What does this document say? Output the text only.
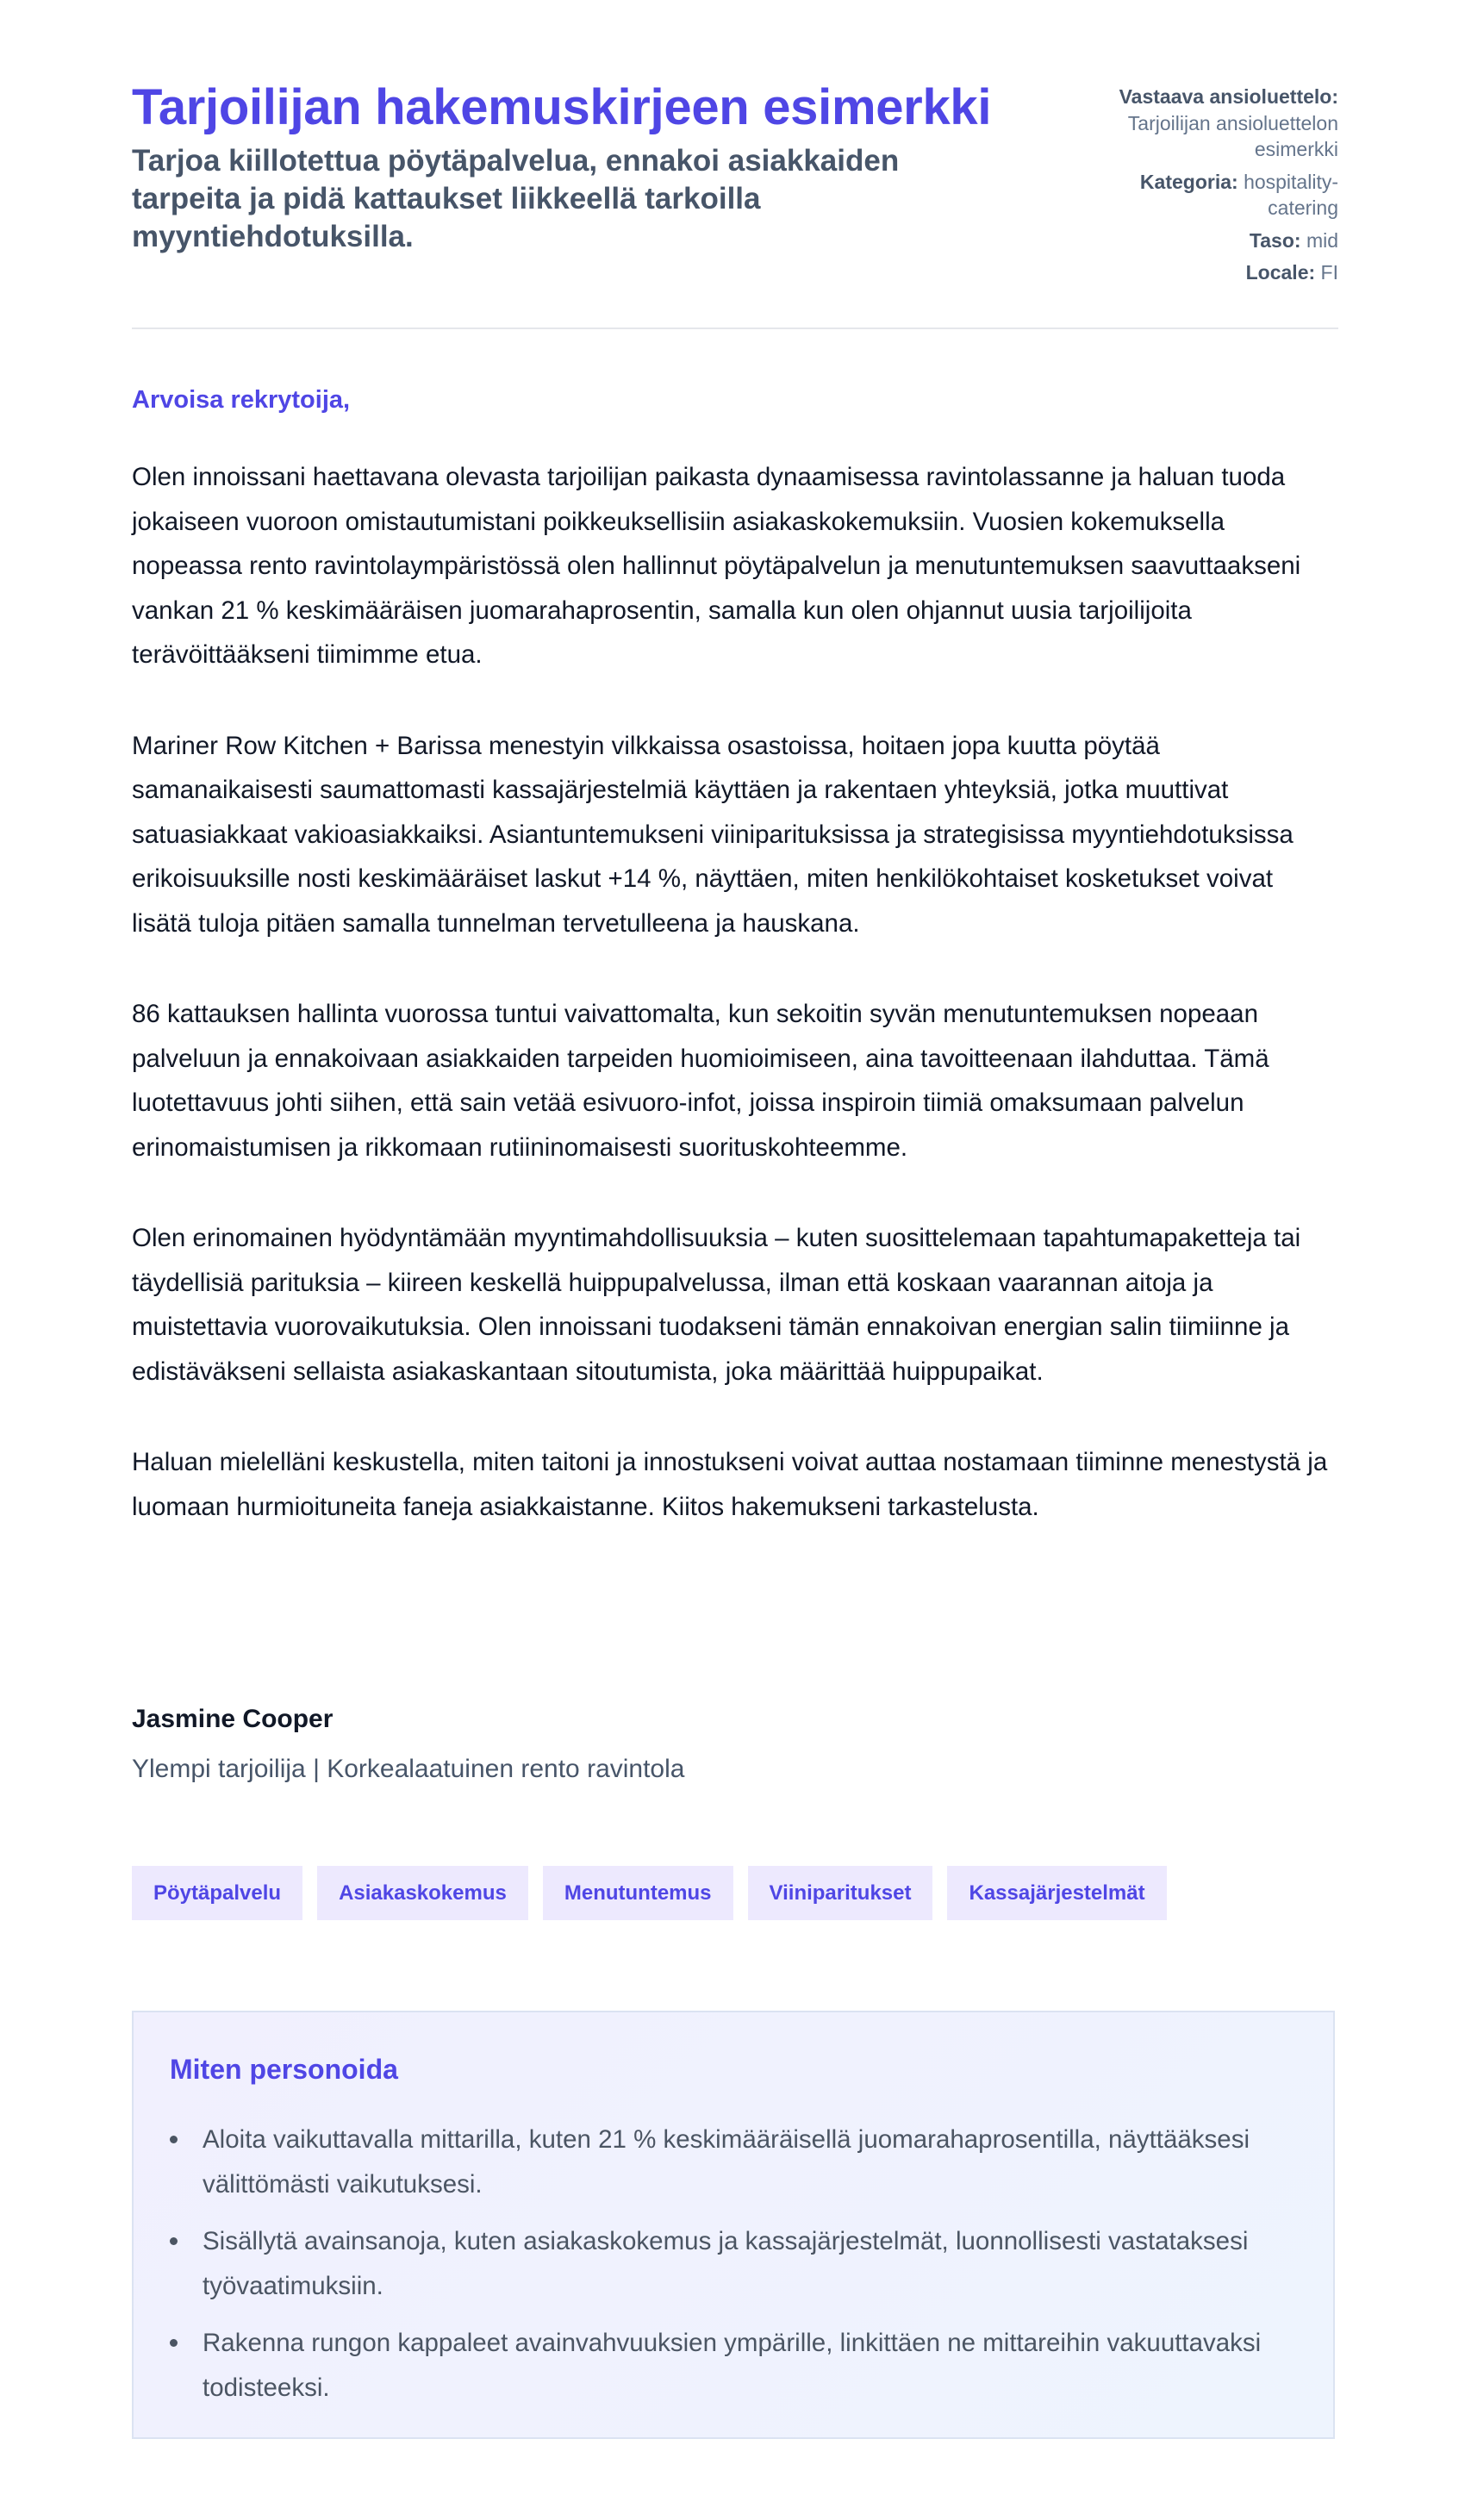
Tarjoilijan hakemuskirjeen esimerkki
Tarjoa kiillotettua pöytäpalvelua, ennakoi asiakkaiden tarpeita ja pidä kattaukset liikkeellä tarkoilla myyntiehdotuksilla.
Vastaava ansioluettelo:
Tarjoilijan ansioluettelon esimerkki
Kategoria: hospitality-catering
Taso: mid
Locale: FI

Arvoisa rekrytoija,

Olen innoissani haettavana olevasta tarjoilijan paikasta dynaamisessa ravintolassanne ja haluan tuoda jokaiseen vuoroon omistautumistani poikkeuksellisiin asiakaskokemuksiin. Vuosien kokemuksella nopeassa rento ravintolaympäristössä olen hallinnut pöytäpalvelun ja menutuntemuksen saavuttaakseni vankan 21 % keskimääräisen juomarahaprosentin, samalla kun olen ohjannut uusia tarjoilijoita terävöittääkseni tiimimme etua.

Mariner Row Kitchen + Barissa menestyin vilkkaissa osastoissa, hoitaen jopa kuutta pöytää samanaikaisesti saumattomasti kassajärjestelmiä käyttäen ja rakentaen yhteyksiä, jotka muuttivat satuasiakkaat vakioasiakkaiksi. Asiantuntemukseni viiniparituksissa ja strategisissa myyntiehdotuksissa erikoisuuksille nosti keskimääräiset laskut +14 %, näyttäen, miten henkilökohtaiset kosketukset voivat lisätä tuloja pitäen samalla tunnelman tervetulleena ja hauskana.

86 kattauksen hallinta vuorossa tuntui vaivattomalta, kun sekoitin syvän menutuntemuksen nopeaan palveluun ja ennakoivaan asiakkaiden tarpeiden huomioimiseen, aina tavoitteenaan ilahduttaa. Tämä luotettavuus johti siihen, että sain vetää esivuoro-infot, joissa inspiroin tiimiä omaksumaan palvelun erinomaistumisen ja rikkomaan rutiininomaisesti suorituskohteemme.

Olen erinomainen hyödyntämään myyntimahdollisuuksia – kuten suosittelemaan tapahtumapaketteja tai täydellisiä parituksia – kiireen keskellä huippupalvelussa, ilman että koskaan vaarannan aitoja ja muistettavia vuorovaikutuksia. Olen innoissani tuodakseni tämän ennakoivan energian salin tiimiinne ja edistäväkseni sellaista asiakaskantaan sitoutumista, joka määrittää huippupaikat.

Haluan mielelläni keskustella, miten taitoni ja innostukseni voivat auttaa nostamaan tiiminne menestystä ja luomaan hurmioituneita faneja asiakkaistanne. Kiitos hakemukseni tarkastelusta.

Jasmine Cooper
Ylempi tarjoilija | Korkealaatuinen rento ravintola
Pöytäpalvelu	Asiakaskokemus	Menutuntemus	Viiniparitukset	Kassajärjestelmät
Miten personoida
Aloita vaikuttavalla mittarilla, kuten 21 % keskimääräisellä juomarahaprosentilla, näyttääksesi välittömästi vaikutuksesi.
Sisällytä avainsanoja, kuten asiakaskokemus ja kassajärjestelmät, luonnollisesti vastataksesi työvaatimuksiin.
Rakenna rungon kappaleet avainvahvuuksien ympärille, linkittäen ne mittareihin vakuuttavaksi todisteeksi.
